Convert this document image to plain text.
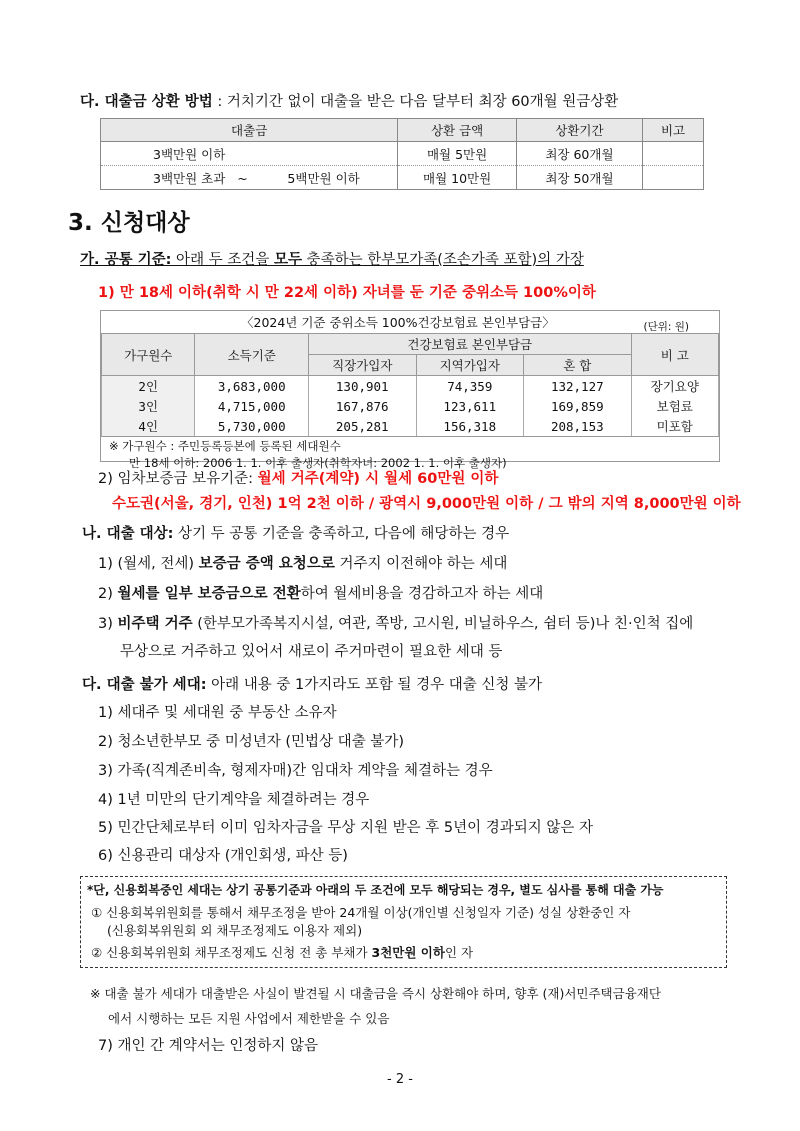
다. 대출금 상환 방법 : 거치기간 없이 대출을 받은 다음 달부터 최장 60개월 원금상환
대출금	상환 금액	상환기간	비고
3백만원 이하	매월 5만원	최장 60개월	
3백만원 초과   ~          5백만원 이하	매월 10만원	최장 50개월	
3. 신청대상
가. 공통 기준: 아래 두 조건을 모두 충족하는 한부모가족(조손가족 포함)의 가장
1) 만 18세 이하(취학 시 만 22세 이하) 자녀를 둔 기준 중위소득 100%이하
〈2024년 기준 중위소득 100%건강보험료 본인부담금〉	(단위: 원)
가구원수	소득기준	건강보험료 본인부담금			비 고
		직장가입자	지역가입자	혼 합	
2인	3,683,000	130,901	74,359	132,127	장기요양
3인	4,715,000	167,876	123,611	169,859	보험료
4인	5,730,000	205,281	156,318	208,153	미포함
※ 가구원수 : 주민등록등본에 등록된 세대원수
만 18세 이하: 2006 1. 1. 이후 출생자(취학자녀: 2002 1. 1. 이후 출생자)
2) 임차보증금 보유기준: 월세 거주(계약) 시 월세 60만원 이하
수도권(서울, 경기, 인천) 1억 2천 이하 / 광역시 9,000만원 이하 / 그 밖의 지역 8,000만원 이하
나. 대출 대상: 상기 두 공통 기준을 충족하고, 다음에 해당하는 경우
1) (월세, 전세) 보증금 증액 요청으로 거주지 이전해야 하는 세대
2) 월세를 일부 보증금으로 전환하여 월세비용을 경감하고자 하는 세대
3) 비주택 거주 (한부모가족복지시설, 여관, 쪽방, 고시원, 비닐하우스, 쉼터 등)나 친·인척 집에
무상으로 거주하고 있어서 새로이 주거마련이 필요한 세대 등
다. 대출 불가 세대: 아래 내용 중 1가지라도 포함 될 경우 대출 신청 불가
1) 세대주 및 세대원 중 부동산 소유자
2) 청소년한부모 중 미성년자 (민법상 대출 불가)
3) 가족(직계존비속, 형제자매)간 임대차 계약을 체결하는 경우
4) 1년 미만의 단기계약을 체결하려는 경우
5) 민간단체로부터 이미 임차자금을 무상 지원 받은 후 5년이 경과되지 않은 자
6) 신용관리 대상자 (개인회생, 파산 등)
*단, 신용회복중인 세대는 상기 공통기준과 아래의 두 조건에 모두 해당되는 경우, 별도 심사를 통해 대출 가능
① 신용회복위원회를 통해서 채무조정을 받아 24개월 이상(개인별 신청일자 기준) 성실 상환중인 자
(신용회복위원회 외 채무조정제도 이용자 제외)
② 신용회복위원회 채무조정제도 신청 전 총 부채가 3천만원 이하인 자
※ 대출 불가 세대가 대출받은 사실이 발견될 시 대출금을 즉시 상환해야 하며, 향후 (재)서민주택금융재단
에서 시행하는 모든 지원 사업에서 제한받을 수 있음
7) 개인 간 계약서는 인정하지 않음
- 2 -
